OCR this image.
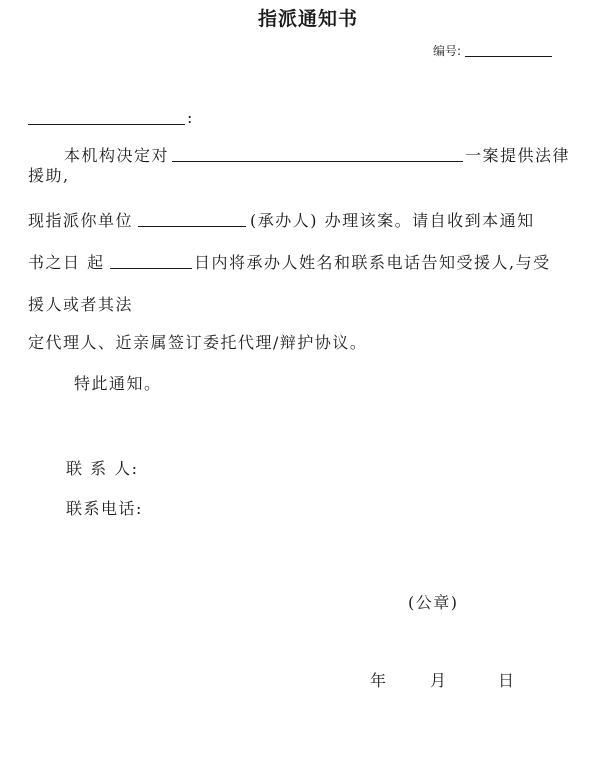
指派通知书
编号:
:
本机构决定对	一案提供法律
援助,
现指派你单位	(承办人) 办理该案。请自收到本通知
书之日 起	日内将承办人姓名和联系电话告知受援人,与受
援人或者其法
定代理人、近亲属签订委托代理/辩护协议。
特此通知。
联 系 人:
联系电话:
(公章)
年	月	日
